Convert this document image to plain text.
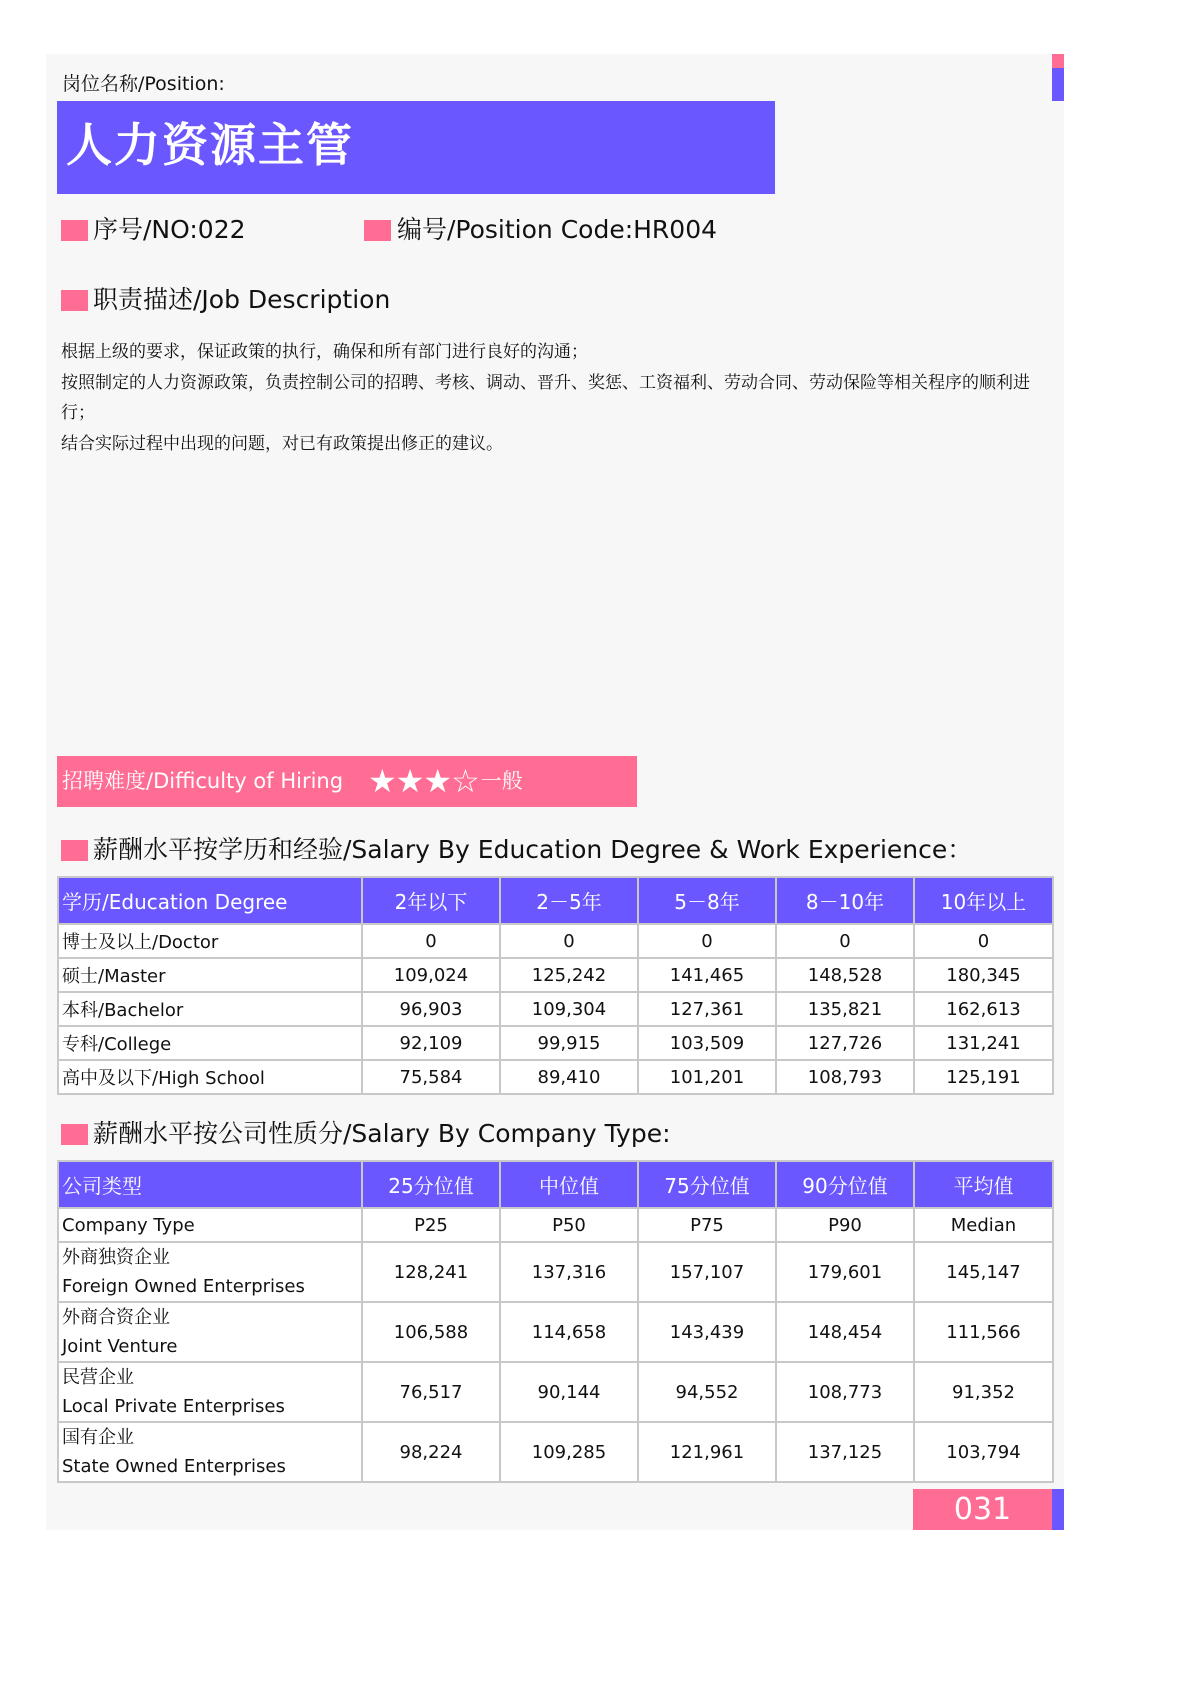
岗位名称/Position:
人力资源主管
序号/NO:022	编号/Position Code:HR004
职责描述/Job Description

根据上级的要求，保证政策的执行，确保和所有部门进行良好的沟通；

按照制定的人力资源政策，负责控制公司的招聘、考核、调动、晋升、奖惩、工资福利、劳动合同、劳动保险等相关程序的顺利进行；

结合实际过程中出现的问题，对已有政策提出修正的建议。

招聘难度/Difficulty of Hiring ★★★☆一般
薪酬水平按学历和经验/Salary By Education Degree & Work Experience：
学历/Education Degree	2年以下	2－5年	5－8年	8－10年	10年以上
博士及以上/Doctor	0	0	0	0	0
硕士/Master	109,024	125,242	141,465	148,528	180,345
本科/Bachelor	96,903	109,304	127,361	135,821	162,613
专科/College	92,109	99,915	103,509	127,726	131,241
高中及以下/High School	75,584	89,410	101,201	108,793	125,191
薪酬水平按公司性质分/Salary By Company Type:
公司类型	25分位值	中位值	75分位值	90分位值	平均值
Company Type	P25	P50	P75	P90	Median

外商独资企业
Foreign Owned Enterprises	128,241	137,316	157,107	179,601	145,147

外商合资企业
Joint Venture	106,588	114,658	143,439	148,454	111,566

民营企业
Local Private Enterprises	76,517	90,144	94,552	108,773	91,352

国有企业
State Owned Enterprises	98,224	109,285	121,961	137,125	103,794
031
